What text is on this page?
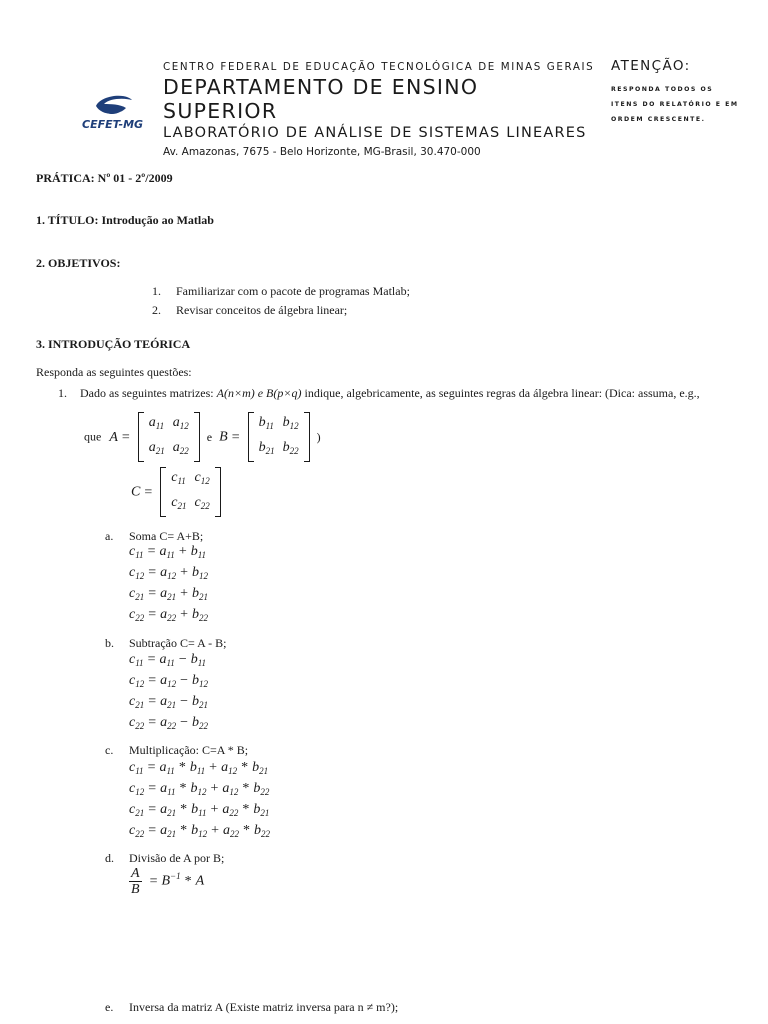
CEFET-MG
CENTRO FEDERAL DE EDUCAÇÃO TECNOLÓGICA DE MINAS GERAIS
DEPARTAMENTO DE ENSINO SUPERIOR
LABORATÓRIO DE ANÁLISE DE SISTEMAS LINEARES
Av. Amazonas, 7675 - Belo Horizonte, MG-Brasil, 30.470-000
ATENÇÃO:
RESPONDA TODOS OS ITENS DO RELATÓRIO E EM ORDEM CRESCENTE.
PRÁTICA: Nº 01 - 2º/2009
1. TÍTULO: Introdução ao Matlab
2. OBJETIVOS:
1. Familiarizar com o pacote de programas Matlab;
2. Revisar conceitos de álgebra linear;
3. INTRODUÇÃO TEÓRICA
Responda as seguintes questões:
1. Dado as seguintes matrizes: A(n×m) e B(p×q) indique, algebricamente, as seguintes regras da álgebra linear: (Dica: assuma, e.g.,
que A =
$a_{11}$	$a_{12}$
$a_{21}$	$a_{22}$
e B =
$b_{11}$	$b_{12}$
$b_{21}$	$b_{22}$
)
C =
$c_{11}$	$c_{12}$
$c_{21}$	$c_{22}$
a. Soma C= A+B;
$c_{11} = a_{11} + b_{11}$
$c_{12} = a_{12} + b_{12}$
$c_{21} = a_{21} + b_{21}$
$c_{22} = a_{22} + b_{22}$
b. Subtração C= A - B;
$c_{11} = a_{11} - b_{11}$
$c_{12} = a_{12} - b_{12}$
$c_{21} = a_{21} - b_{21}$
$c_{22} = a_{22} - b_{22}$
c. Multiplicação: C=A * B;
$c_{11} = a_{11} * b_{11} + a_{12} * b_{21}$
$c_{12} = a_{11} * b_{12} + a_{12} * b_{22}$
$c_{21} = a_{21} * b_{11} + a_{22} * b_{21}$
$c_{22} = a_{21} * b_{12} + a_{22} * b_{22}$
d. Divisão de A por B;
$\frac{A}{B} = B^{-1} * A$
e. Inversa da matriz A (Existe matriz inversa para n ≠ m?);
